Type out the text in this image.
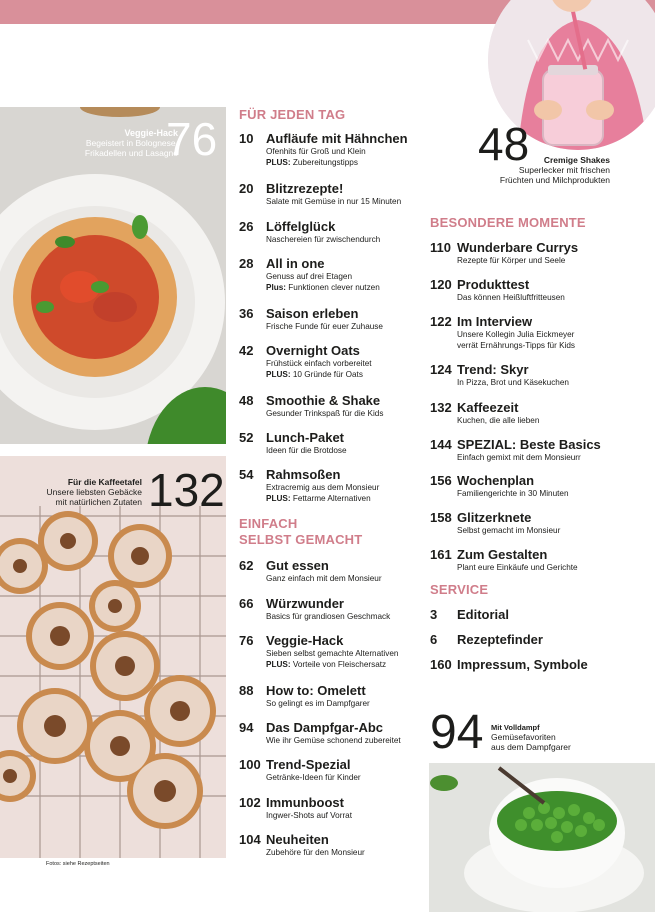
Veggie-Hack
Begeistert in Bolognese,
Frikadellen und Lasagne
76
Für die Kaffeetafel
Unsere liebsten Gebäcke
mit natürlichen Zutaten 132
Fotos: siehe Rezeptseiten
FÜR JEDEN TAG
10 Aufläufe mit Hähnchen
Ofenhits für Groß und Klein
PLUS: Zubereitungstipps
20 Blitzrezepte!
Salate mit Gemüse in nur 15 Minuten
26 Löffelglück
Naschereien für zwischendurch
28 All in one
Genuss auf drei Etagen
Plus: Funktionen clever nutzen
36 Saison erleben
Frische Funde für euer Zuhause
42 Overnight Oats
Frühstück einfach vorbereitet
PLUS: 10 Gründe für Oats
48 Smoothie & Shake
Gesunder Trinkspaß für die Kids
52 Lunch-Paket
Ideen für die Brotdose
54 Rahmsoßen
Extracremig aus dem Monsieur
PLUS: Fettarme Alternativen
EINFACH
SELBST GEMACHT
62 Gut essen
Ganz einfach mit dem Monsieur
66 Würzwunder
Basics für grandiosen Geschmack
76 Veggie-Hack
Sieben selbst gemachte Alternativen
PLUS: Vorteile von Fleischersatz
88 How to: Omelett
So gelingt es im Dampfgarer
94 Das Dampfgar-Abc
Wie ihr Gemüse schonend zubereitet
100 Trend-Spezial
Getränke-Ideen für Kinder
102 Immunboost
Ingwer-Shots auf Vorrat
104 Neuheiten
Zubehöre für den Monsieur
48	Cremige Shakes
Superlecker mit frischen
Früchten und Milchprodukten
BESONDERE MOMENTE
110 Wunderbare Currys
Rezepte für Körper und Seele
120 Produkttest
Das können Heißluftfritteusen
122 Im Interview
Unsere Kollegin Julia Eickmeyer
verrät Ernährungs-Tipps für Kids
124 Trend: Skyr
In Pizza, Brot und Käsekuchen
132 Kaffeezeit
Kuchen, die alle lieben
144 SPEZIAL: Beste Basics
Einfach gemixt mit dem Monsieurr
156 Wochenplan
Familiengerichte in 30 Minuten
158 Glitzerknete
Selbst gemacht im Monsieur
161 Zum Gestalten
Plant eure Einkäufe und Gerichte
SERVICE
3	Editorial
6	Rezeptefinder
160 Impressum, Symbole
94 Mit Volldampf
Gemüsefavoriten
aus dem Dampfgarer
